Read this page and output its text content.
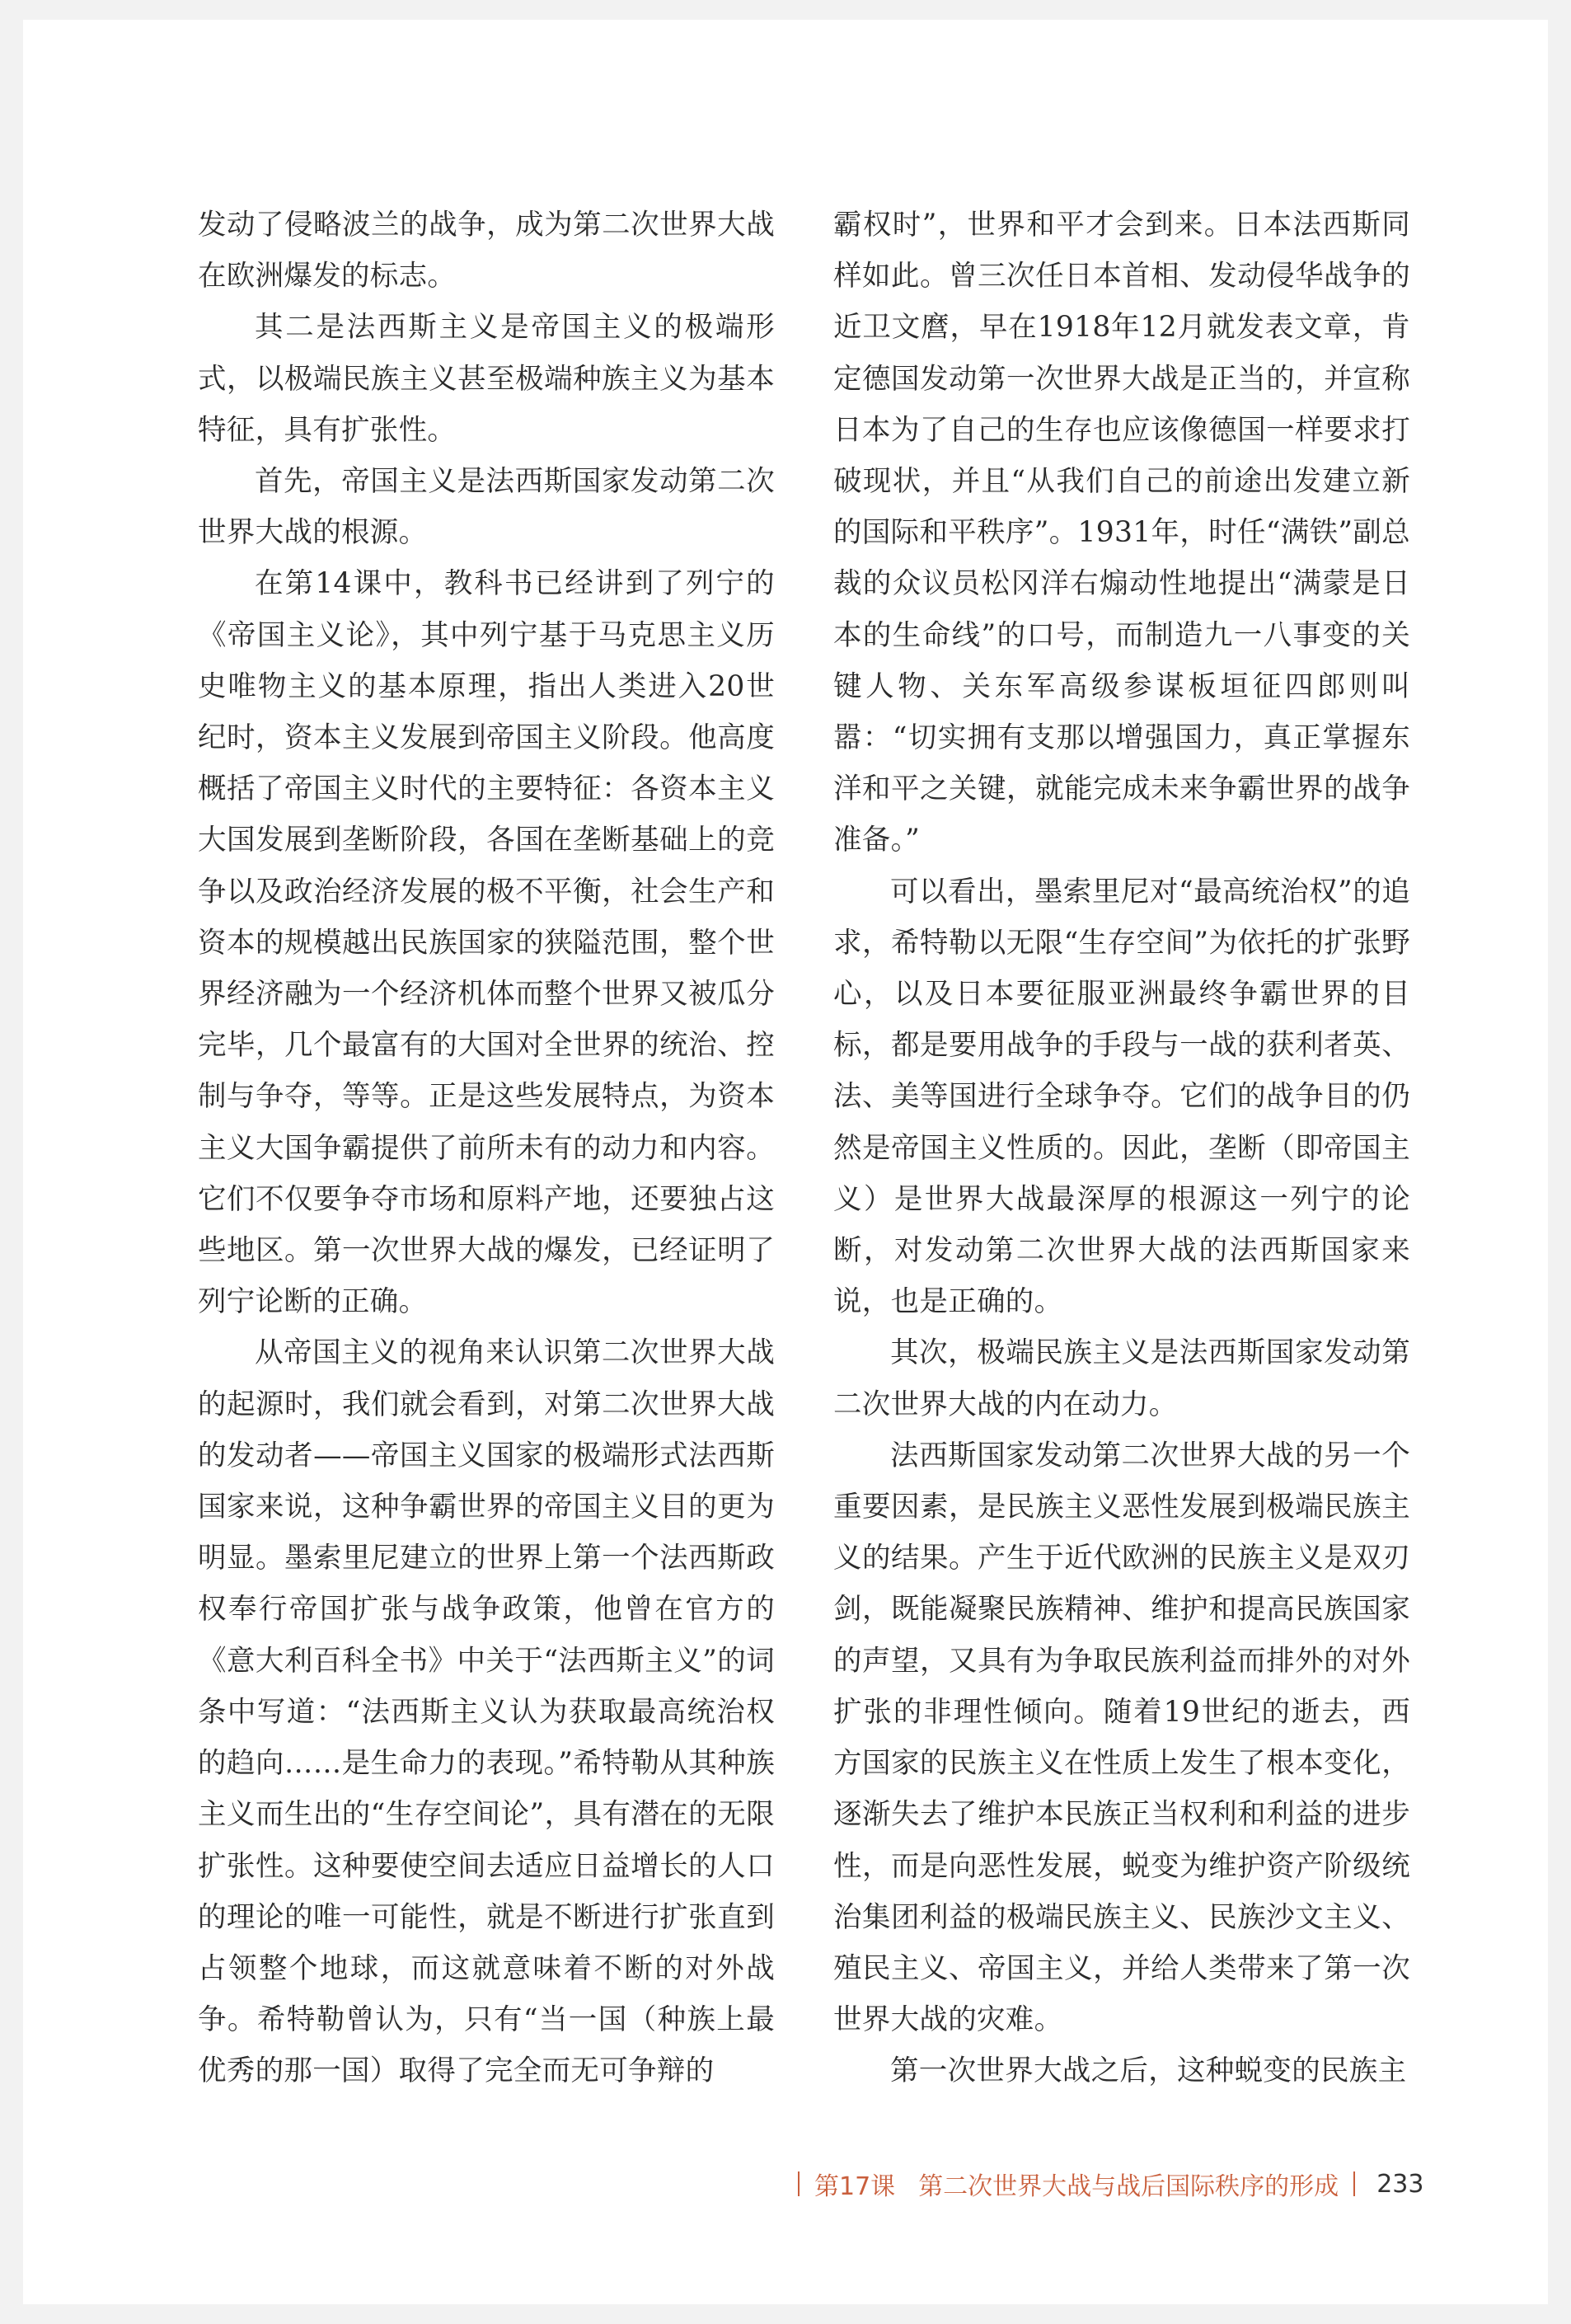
发动了侵略波兰的战争，成为第二次世界大战在欧洲爆发的标志。

其二是法西斯主义是帝国主义的极端形式，以极端民族主义甚至极端种族主义为基本特征，具有扩张性。

首先，帝国主义是法西斯国家发动第二次世界大战的根源。

在第14课中，教科书已经讲到了列宁的《帝国主义论》，其中列宁基于马克思主义历史唯物主义的基本原理，指出人类进入20世纪时，资本主义发展到帝国主义阶段。他高度概括了帝国主义时代的主要特征：各资本主义大国发展到垄断阶段，各国在垄断基础上的竞争以及政治经济发展的极不平衡，社会生产和资本的规模越出民族国家的狭隘范围，整个世界经济融为一个经济机体而整个世界又被瓜分完毕，几个最富有的大国对全世界的统治、控制与争夺，等等。正是这些发展特点，为资本主义大国争霸提供了前所未有的动力和内容。它们不仅要争夺市场和原料产地，还要独占这些地区。第一次世界大战的爆发，已经证明了列宁论断的正确。

从帝国主义的视角来认识第二次世界大战的起源时，我们就会看到，对第二次世界大战的发动者——帝国主义国家的极端形式法西斯国家来说，这种争霸世界的帝国主义目的更为明显。墨索里尼建立的世界上第一个法西斯政权奉行帝国扩张与战争政策，他曾在官方的《意大利百科全书》中关于“法西斯主义”的词条中写道：“法西斯主义认为获取最高统治权的趋向……是生命力的表现。”希特勒从其种族主义而生出的“生存空间论”，具有潜在的无限扩张性。这种要使空间去适应日益增长的人口的理论的唯一可能性，就是不断进行扩张直到占领整个地球，而这就意味着不断的对外战争。希特勒曾认为，只有“当一国（种族上最优秀的那一国）取得了完全而无可争辩的

霸权时”，世界和平才会到来。日本法西斯同样如此。曾三次任日本首相、发动侵华战争的近卫文麿，早在1918年12月就发表文章，肯定德国发动第一次世界大战是正当的，并宣称日本为了自己的生存也应该像德国一样要求打破现状，并且“从我们自己的前途出发建立新的国际和平秩序”。1931年，时任“满铁”副总裁的众议员松冈洋右煽动性地提出“满蒙是日本的生命线”的口号，而制造九一八事变的关键人物、关东军高级参谋板垣征四郎则叫嚣：“切实拥有支那以增强国力，真正掌握东洋和平之关键，就能完成未来争霸世界的战争准备。”

可以看出，墨索里尼对“最高统治权”的追求，希特勒以无限“生存空间”为依托的扩张野心，以及日本要征服亚洲最终争霸世界的目标，都是要用战争的手段与一战的获利者英、法、美等国进行全球争夺。它们的战争目的仍然是帝国主义性质的。因此，垄断（即帝国主义）是世界大战最深厚的根源这一列宁的论断，对发动第二次世界大战的法西斯国家来说，也是正确的。

其次，极端民族主义是法西斯国家发动第二次世界大战的内在动力。

法西斯国家发动第二次世界大战的另一个重要因素，是民族主义恶性发展到极端民族主义的结果。产生于近代欧洲的民族主义是双刃剑，既能凝聚民族精神、维护和提高民族国家的声望，又具有为争取民族利益而排外的对外扩张的非理性倾向。随着19世纪的逝去，西方国家的民族主义在性质上发生了根本变化，逐渐失去了维护本民族正当权利和利益的进步性，而是向恶性发展，蜕变为维护资产阶级统治集团利益的极端民族主义、民族沙文主义、殖民主义、帝国主义，并给人类带来了第一次世界大战的灾难。

第一次世界大战之后，这种蜕变的民族主

第17课 第二次世界大战与战后国际秩序的形成 233
